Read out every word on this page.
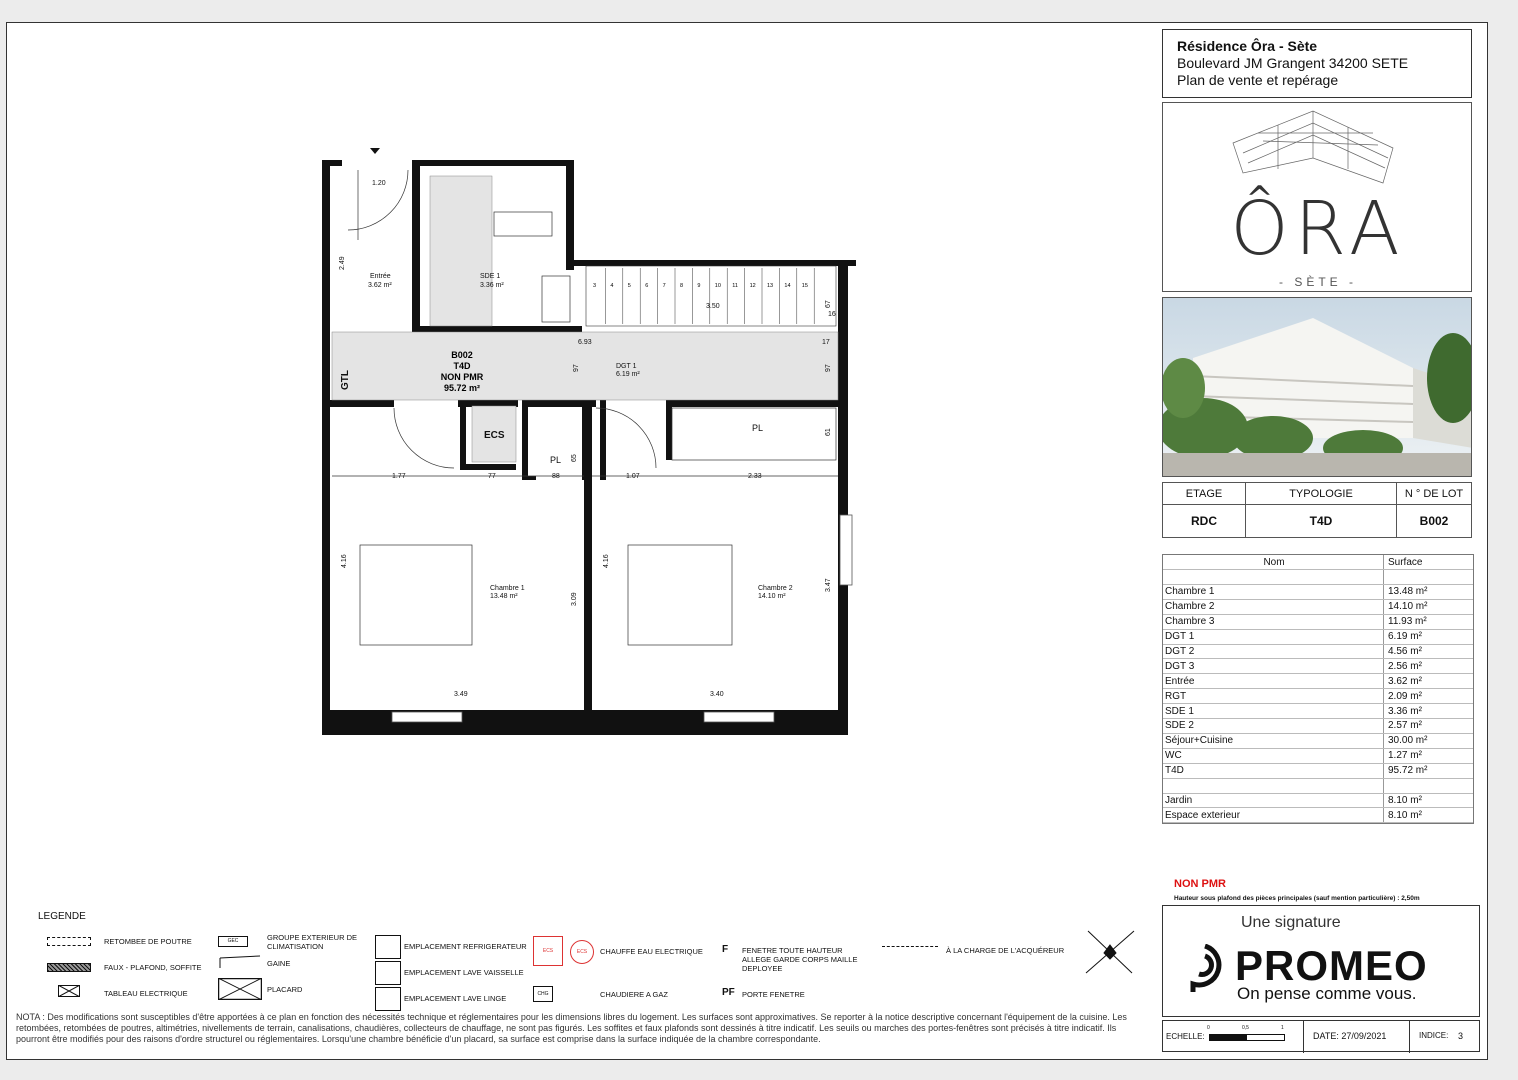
Résidence Ôra - Sète
Boulevard JM Grangent 34200 SETE
Plan de vente et repérage
ÔRA
- SÈTE -
ETAGE	TYPOLOGIE	N ° DE LOT
RDC	T4D	B002
Nom	Surface
Chambre 1	13.48 m²
Chambre 2	14.10 m²
Chambre 3	11.93 m²
DGT 1	6.19 m²
DGT 2	4.56 m²
DGT 3	2.56 m²
Entrée	3.62 m²
RGT	2.09 m²
SDE 1	3.36 m²
SDE 2	2.57 m²
Séjour+Cuisine	30.00 m²
WC	1.27 m²
T4D	95.72 m²
Jardin	8.10 m²
Espace exterieur	8.10 m²
NON PMR
Hauteur sous plafond des pièces principales (sauf mention particulière) : 2,50m
Une signature
PROMEO
On pense comme vous.
ECHELLE:
0	0,5	1
DATE: 27/09/2021	INDICE: 3
LEGENDE
RETOMBEE DE POUTRE
FAUX - PLAFOND, SOFFITE
TABLEAU ELECTRIQUE
GEC	GROUPE EXTERIEUR DE CLIMATISATION
GAINE
PLACARD
EMPLACEMENT REFRIGERATEUR
EMPLACEMENT LAVE VAISSELLE
EMPLACEMENT LAVE LINGE
ECS	ECS	CHAUFFE EAU ELECTRIQUE
CHG	CHAUDIERE A GAZ
F FENETRE TOUTE HAUTEUR ALLEGE GARDE CORPS MAILLE DEPLOYEE
PF PORTE FENETRE
À LA CHARGE DE L'ACQUÉREUR
NOTA : Des modifications sont susceptibles d'être apportées à ce plan en fonction des nécessités technique et réglementaires pour les dimensions libres du logement. Les surfaces sont approximatives. Se reporter à la notice descriptive concernant l'équipement de la cuisine. Les retombées, retombées de poutres, altimétries, nivellements de terrain, canalisations, chaudières, collecteurs de chauffage, ne sont pas figurés. Les soffites et faux plafonds sont dessinés à titre indicatif. Les seuils ou marches des portes-fenêtres sont précisés à titre indicatif. Ils pourront être modifiés pour des raisons d'ordre structurel ou réglementaires. Lorsqu'une chambre bénéficie d'un placard, sa surface est comprise dans la surface indiquée de la chambre correspondante.
3	4	5	6	7	8	9	10 11 12 13 14 15
B002
T4D
NON PMR
95.72 m²
Entrée
3.62 m²
SDE 1
3.36 m²
DGT 1
6.19 m²
Chambre 1
13.48 m²
Chambre 2
14.10 m²
1.20
3.50
6.93
1.77	77	88	1.07	2.33
3.49	3.40
17
16
2.49
4.16	4.16
3.09
3.47
97	97
61
65
67
GTL
ECS
PL
PL
